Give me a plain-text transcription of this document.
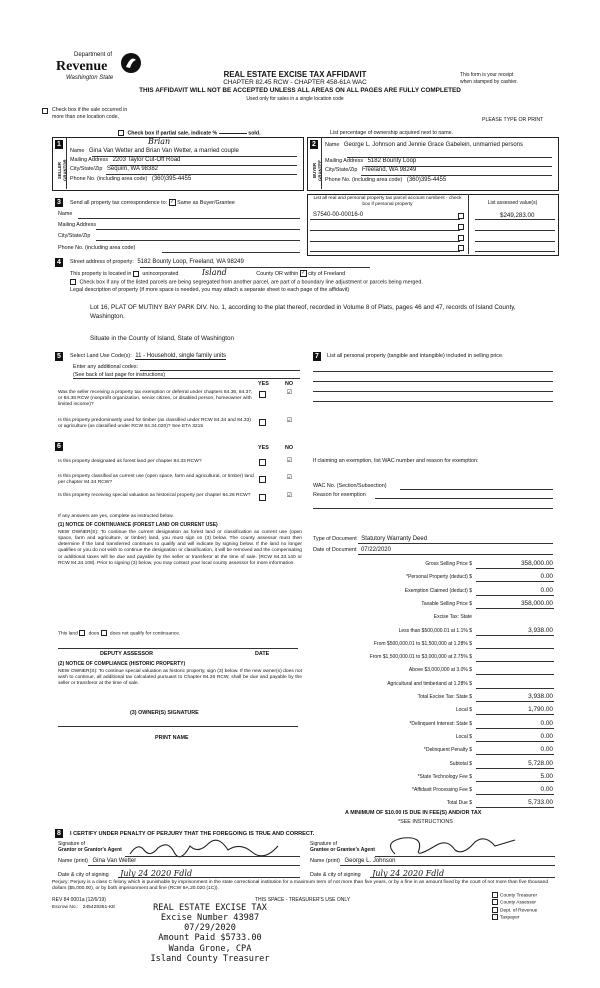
Department of
Revenue
Washington State	REAL ESTATE EXCISE TAX AFFIDAVIT
CHAPTER 82.45 RCW - CHAPTER 458-61A WAC
THIS AFFIDAVIT WILL NOT BE ACCEPTED UNLESS ALL AREAS ON ALL PAGES ARE FULLY COMPLETED
Used only for sales in a single location code
This form is your receipt
when stamped by cashier.
PLEASE TYPE OR PRINT
Check box if the sale occurred in
more than one location code.
Check box if partial sale, indicate %	sold.	List percentage of ownership acquired next to name.
1
SELLER GRANTOR
Brian
Name Gina Van Wetter and Brian Van Wetter, a married couple
Mailing Address 2203 Taylor Cut-Off Road
City/State/Zip Sequim, WA 98382
Phone No. (including area code) (360)395-4455
2
BUYER GRANTEE
Name George L. Johnson and Jennie Grace Gabelein, unmarried persons
Mailing Address 5182 Bounty Loop
City/State/Zip Freeland, WA 98249
Phone No. (including area code) (360)395-4455
3	Send all property tax correspondence to: ✓ Same as Buyer/Grantee
Name
Mailing Address
City/State/Zip
Phone No. (including area code)
List all real and personal property tax parcel account numbers - check box if personal property	List assessed value(s)
S7540-00-00016-0	$249,283.00
4	Street address of property: 5182 Bounty Loop, Freeland, WA 98249
This property is located in unincorporated	Island	County OR within ✓ city of Freeland
Check box if any of the listed parcels are being segregated from another parcel, are part of a boundary line adjustment or parcels being merged.
Legal description of property (if more space is needed, you may attach a separate sheet to each page of the affidavit)
Lot 16, PLAT OF MUTINY BAY PARK DIV. No. 1, according to the plat thereof, recorded in Volume 8 of Plats, pages 46 and 47, records of Island County, Washington.
Situate in the County of Island, State of Washington
5	Select Land Use Code(s): 11 - Household, single family units
Enter any additional codes:
(See back of last page for instructions)
YES	NO
Was the seller receiving a property tax exemption or deferral under chapters 84.36, 84.37, or 84.38 RCW (nonprofit organization, senior citizen, or disabled person, homeowner with limited income)?
☑
Is this property predominantly used for timber (as classified under RCW 84.34 and 84.33) or agriculture (as classified under RCW 84.34.020)? See ETA 3215
☑
6	YES	NO
Is this property designated as forest land per chapter 84.33 RCW?	☑
Is this property classified as current use (open space, farm and agricultural, or timber) land per chapter 84.34 RCW?
☑
Is this property receiving special valuation as historical property per chapter 84.26 RCW?	☑
If any answers are yes, complete as instructed below.
(1) NOTICE OF CONTINUANCE (FOREST LAND OR CURRENT USE)
NEW OWNER(S): To continue the current designation as forest land or classification as current use (open space, farm and agriculture, or timber) land, you must sign on (3) below. The county assessor must then determine if the land transferred continues to qualify and will indicate by signing below. If the land no longer qualifies or you do not wish to continue the designation or classification, it will be removed and the compensating or additional taxes will be due and payable by the seller or transferor at the time of sale. (RCW 84.33.140 or RCW 84.34.108). Prior to signing (3) below, you may contact your local county assessor for more information.
This land does does not qualify for continuance.
DEPUTY ASSESSOR	DATE
(2) NOTICE OF COMPLIANCE (HISTORIC PROPERTY)
NEW OWNER(S): To continue special valuation as historic property, sign (3) below. If the new owner(s) does not wish to continue, all additional tax calculated pursuant to Chapter 84.26 RCW, shall be due and payable by the seller or transferor at the time of sale.
(3) OWNER(S) SIGNATURE
PRINT NAME
7	List all personal property (tangible and intangible) included in selling price.
If claiming an exemption, list WAC number and reason for exemption:
WAC No. (Section/Subsection)
Reason for exemption
Type of Document Statutory Warranty Deed
Date of Document 07/22/2020
Gross Selling Price $	358,000.00
*Personal Property (deduct) $	0.00
Exemption Claimed (deduct) $	0.00
Taxable Selling Price $	358,000.00
Excise Tax: State
Less than $500,000.01 at 1.1% $	3,938.00
From $500,000.01 to $1,500,000 at 1.28% $
From $1,500,000.01 to $3,000,000 at 2.75% $
Above $3,000,000 at 3.0% $
Agricultural and timberland at 1.28% $
Total Excise Tax: State $	3,938.00
Local $	1,790.00
*Delinquent Interest: State $	0.00
Local $	0.00
*Delinquent Penalty $	0.00
Subtotal $	5,728.00
*State Technology Fee $	5.00
*Affidavit Processing Fee $	0.00
Total Due $	5,733.00
A MINIMUM OF $10.00 IS DUE IN FEE(S) AND/OR TAX
*SEE INSTRUCTIONS
8	I CERTIFY UNDER PENALTY OF PERJURY THAT THE FOREGOING IS TRUE AND CORRECT.
Signature of
Grantor or Grantor's Agent
Name (print) Gina Van Wetter
Date & city of signing July 24 2020 Fdld
Signature of
Grantee or Grantee's Agent
Name (print) George L. Johnson
Date & city of signing July 24 2020 Fdld
Perjury: Perjury is a class C felony which is punishable by imprisonment in the state correctional institution for a maximum term of not more than five years, or by a fine in an amount fixed by the court of not more than five thousand dollars ($5,000.00), or by both imprisonment and fine (RCW 9A.20.020 (1C)).
REV 84 0001a (12/6/19)	THIS SPACE - TREASURER'S USE ONLY
Escrow No.: 245428351-KE
County Treasurer
County Assessor
Dept. of Revenue
Taxpayer
REAL ESTATE EXCISE TAX
Excise Number 43987
07/29/2020
Amount Paid $5733.00
Wanda Grone, CPA
Island County Treasurer
